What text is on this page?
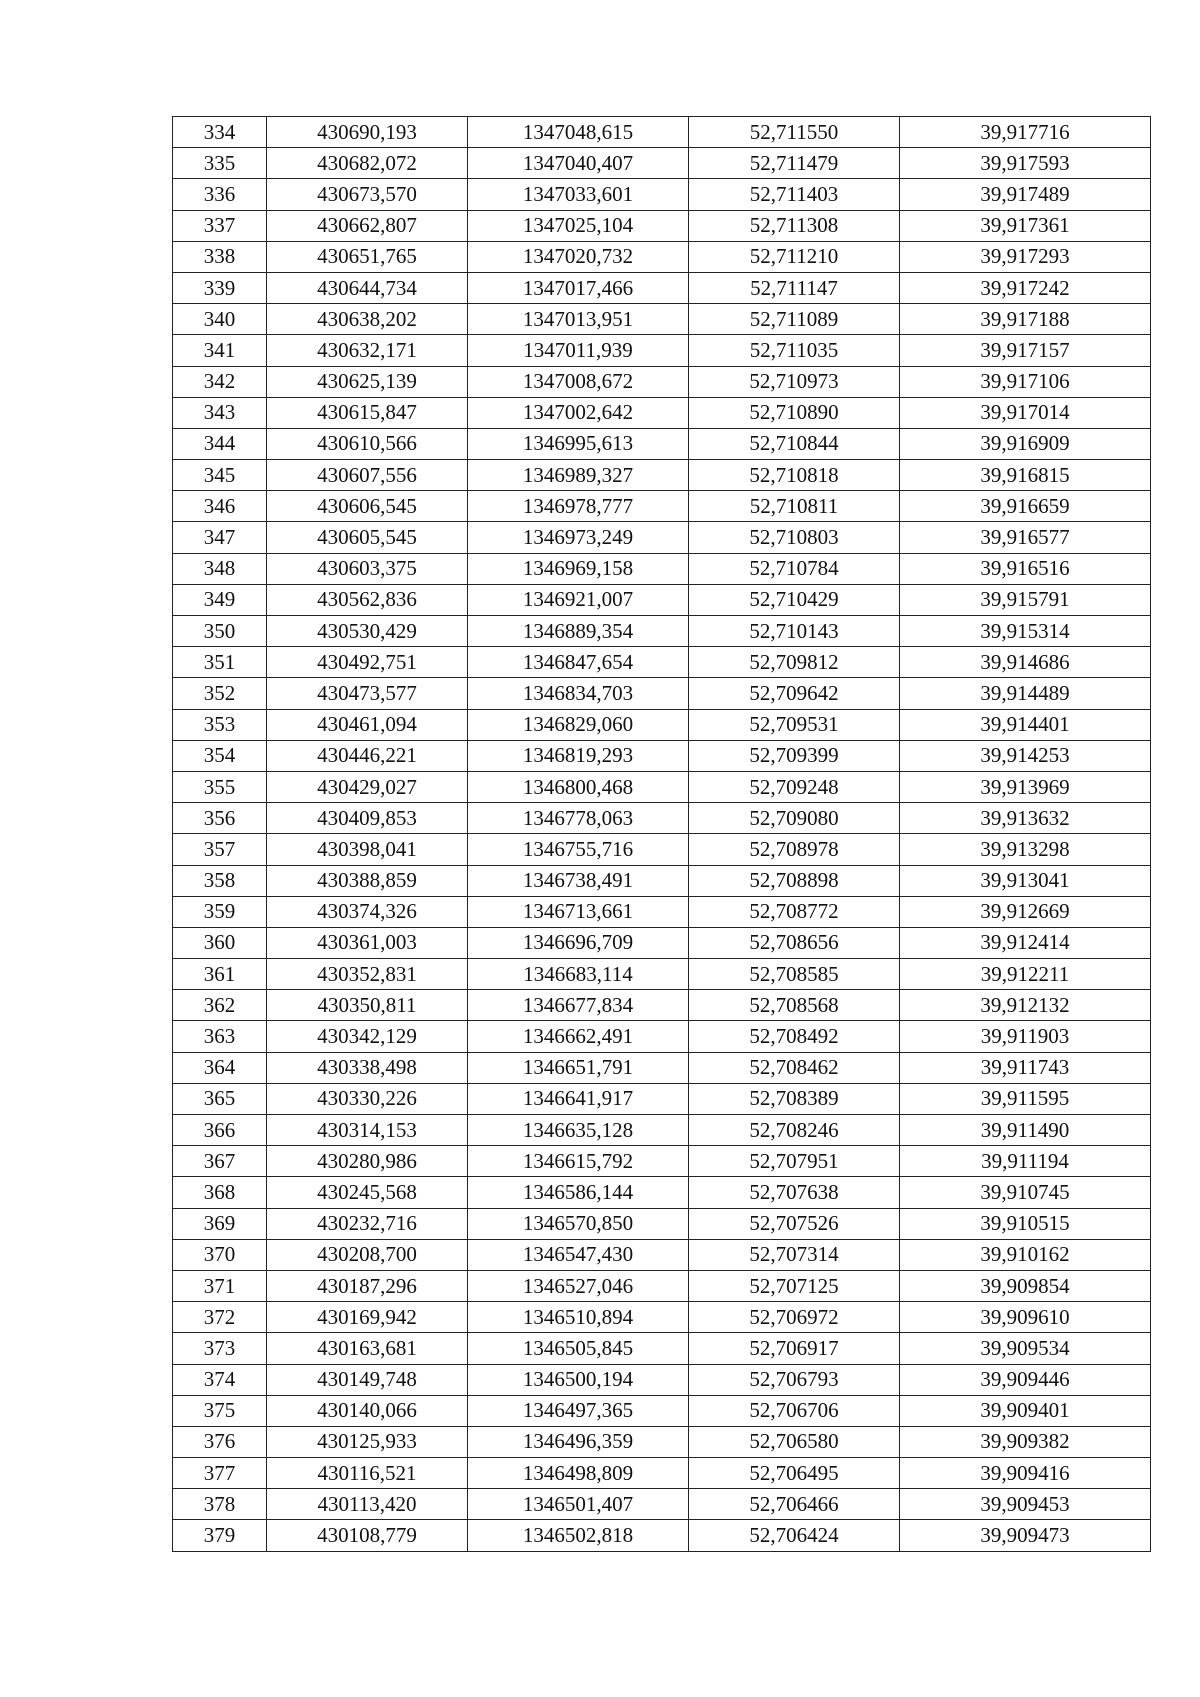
334	430690,193	1347048,615	52,711550	39,917716
335	430682,072	1347040,407	52,711479	39,917593
336	430673,570	1347033,601	52,711403	39,917489
337	430662,807	1347025,104	52,711308	39,917361
338	430651,765	1347020,732	52,711210	39,917293
339	430644,734	1347017,466	52,711147	39,917242
340	430638,202	1347013,951	52,711089	39,917188
341	430632,171	1347011,939	52,711035	39,917157
342	430625,139	1347008,672	52,710973	39,917106
343	430615,847	1347002,642	52,710890	39,917014
344	430610,566	1346995,613	52,710844	39,916909
345	430607,556	1346989,327	52,710818	39,916815
346	430606,545	1346978,777	52,710811	39,916659
347	430605,545	1346973,249	52,710803	39,916577
348	430603,375	1346969,158	52,710784	39,916516
349	430562,836	1346921,007	52,710429	39,915791
350	430530,429	1346889,354	52,710143	39,915314
351	430492,751	1346847,654	52,709812	39,914686
352	430473,577	1346834,703	52,709642	39,914489
353	430461,094	1346829,060	52,709531	39,914401
354	430446,221	1346819,293	52,709399	39,914253
355	430429,027	1346800,468	52,709248	39,913969
356	430409,853	1346778,063	52,709080	39,913632
357	430398,041	1346755,716	52,708978	39,913298
358	430388,859	1346738,491	52,708898	39,913041
359	430374,326	1346713,661	52,708772	39,912669
360	430361,003	1346696,709	52,708656	39,912414
361	430352,831	1346683,114	52,708585	39,912211
362	430350,811	1346677,834	52,708568	39,912132
363	430342,129	1346662,491	52,708492	39,911903
364	430338,498	1346651,791	52,708462	39,911743
365	430330,226	1346641,917	52,708389	39,911595
366	430314,153	1346635,128	52,708246	39,911490
367	430280,986	1346615,792	52,707951	39,911194
368	430245,568	1346586,144	52,707638	39,910745
369	430232,716	1346570,850	52,707526	39,910515
370	430208,700	1346547,430	52,707314	39,910162
371	430187,296	1346527,046	52,707125	39,909854
372	430169,942	1346510,894	52,706972	39,909610
373	430163,681	1346505,845	52,706917	39,909534
374	430149,748	1346500,194	52,706793	39,909446
375	430140,066	1346497,365	52,706706	39,909401
376	430125,933	1346496,359	52,706580	39,909382
377	430116,521	1346498,809	52,706495	39,909416
378	430113,420	1346501,407	52,706466	39,909453
379	430108,779	1346502,818	52,706424	39,909473
